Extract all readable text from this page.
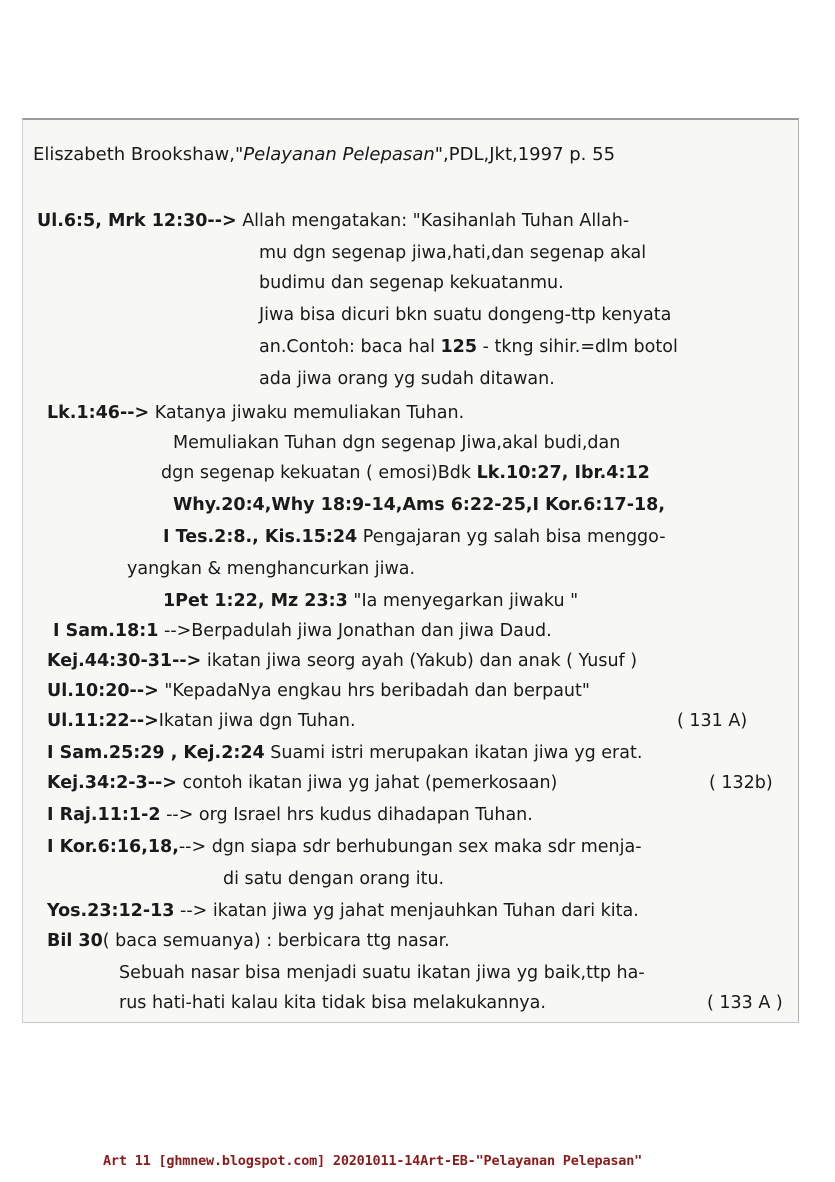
Eliszabeth Brookshaw,"Pelayanan Pelepasan",PDL,Jkt,1997 p. 55
Ul.6:5, Mrk 12:30--> Allah mengatakan: "Kasihanlah Tuhan Allah-
mu dgn segenap jiwa,hati,dan segenap akal
budimu dan segenap kekuatanmu.
Jiwa bisa dicuri bkn suatu dongeng-ttp kenyata
an.Contoh: baca hal 125 - tkng sihir.=dlm botol
ada jiwa orang yg sudah ditawan.
Lk.1:46--> Katanya jiwaku memuliakan Tuhan.
Memuliakan Tuhan dgn segenap Jiwa,akal budi,dan
dgn segenap kekuatan ( emosi)Bdk Lk.10:27, Ibr.4:12
Why.20:4,Why 18:9-14,Ams 6:22-25,I Kor.6:17-18,
I Tes.2:8., Kis.15:24 Pengajaran yg salah bisa menggo-
yangkan & menghancurkan jiwa.
1Pet 1:22, Mz 23:3 "Ia menyegarkan jiwaku "
I Sam.18:1 -->Berpadulah jiwa Jonathan dan jiwa Daud.
Kej.44:30-31--> ikatan jiwa seorg ayah (Yakub) dan anak ( Yusuf )
Ul.10:20--> "KepadaNya engkau hrs beribadah dan berpaut"
Ul.11:22-->Ikatan jiwa dgn Tuhan.	( 131 A)
I Sam.25:29 , Kej.2:24 Suami istri merupakan ikatan jiwa yg erat.
Kej.34:2-3--> contoh ikatan jiwa yg jahat (pemerkosaan)	( 132b)
I Raj.11:1-2 --> org Israel hrs kudus dihadapan Tuhan.
I Kor.6:16,18,--> dgn siapa sdr berhubungan sex maka sdr menja-
di satu dengan orang itu.
Yos.23:12-13 --> ikatan jiwa yg jahat menjauhkan Tuhan dari kita.
Bil 30( baca semuanya) : berbicara ttg nasar.
Sebuah nasar bisa menjadi suatu ikatan jiwa yg baik,ttp ha-
rus hati-hati kalau kita tidak bisa melakukannya.	( 133 A )
Art 11 [ghmnew.blogspot.com] 20201011-14Art-EB-"Pelayanan Pelepasan"
